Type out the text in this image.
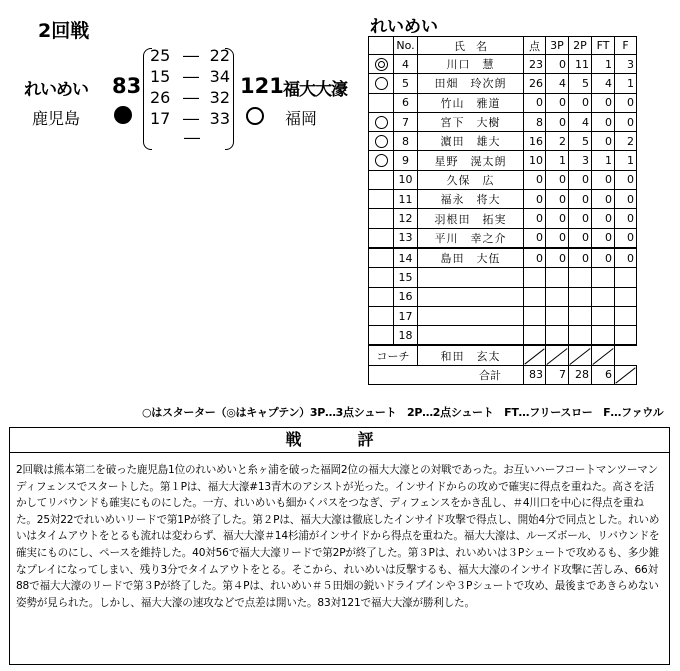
2回戦
れいめい 83
鹿児島
25 ― 22
15 ― 34
26 ― 32
17 ― 33
―
121 福大大濠
福岡
れいめい
	No.	氏　名	点	3P	2P	FT	F
	4	川口　慧	23	0	11	1	3
	5	田畑　玲次朗	26	4	5	4	1
	6	竹山　雅道	0	0	0	0	0
	7	宮下　大樹	8	0	4	0	0
	8	濵田　雄大	16	2	5	0	2
	9	星野　滉太朗	10	1	3	1	1
	10	久保　広	0	0	0	0	0
	11	福永　将大	0	0	0	0	0
	12	羽根田　拓実	0	0	0	0	0
	13	平川　幸之介	0	0	0	0	0
	14	島田　大伍	0	0	0	0	0
	15						
	16						
	17						
	18						
コーチ		和田　玄太					
合計			83	7	28	6	
○はスターター（◎はキャプテン）3P…3点シュート　2P…2点シュート　FT…フリースロー　F…ファウル
戦　評
2回戦は熊本第二を破った鹿児島1位のれいめいと糸ヶ浦を破った福岡2位の福大大濠との対戦であった。お互いハーフコートマンツーマンディフェンスでスタートした。第１Pは、福大大濠#13青木のアシストが光った。インサイドからの攻めで確実に得点を重ねた。高さを活かしてリバウンドも確実にものにした。一方、れいめいも細かくパスをつなぎ、ディフェンスをかき乱し、＃4川口を中心に得点を重ねた。25対22でれいめいリードで第1Pが終了した。第２Pは、福大大濠は徹底したインサイド攻撃で得点し、開始4分で同点とした。れいめいはタイムアウトをとるも流れは変わらず、福大大濠＃14杉浦がインサイドから得点を重ねた。福大大濠は、ルーズボール、リバウンドを確実にものにし、ペースを維持した。40対56で福大大濠リードで第2Pが終了した。第３Pは、れいめいは３Pシュートで攻めるも、多少雑なプレイになってしまい、残り3分でタイムアウトをとる。そこから、れいめいは反撃するも、福大大濠のインサイド攻撃に苦しみ、66対88で福大大濠のリードで第３Pが終了した。第４Pは、れいめい＃５田畑の鋭いドライブインや３Pシュートで攻め、最後まであきらめない姿勢が見られた。しかし、福大大濠の速攻などで点差は開いた。83対121で福大大濠が勝利した。
